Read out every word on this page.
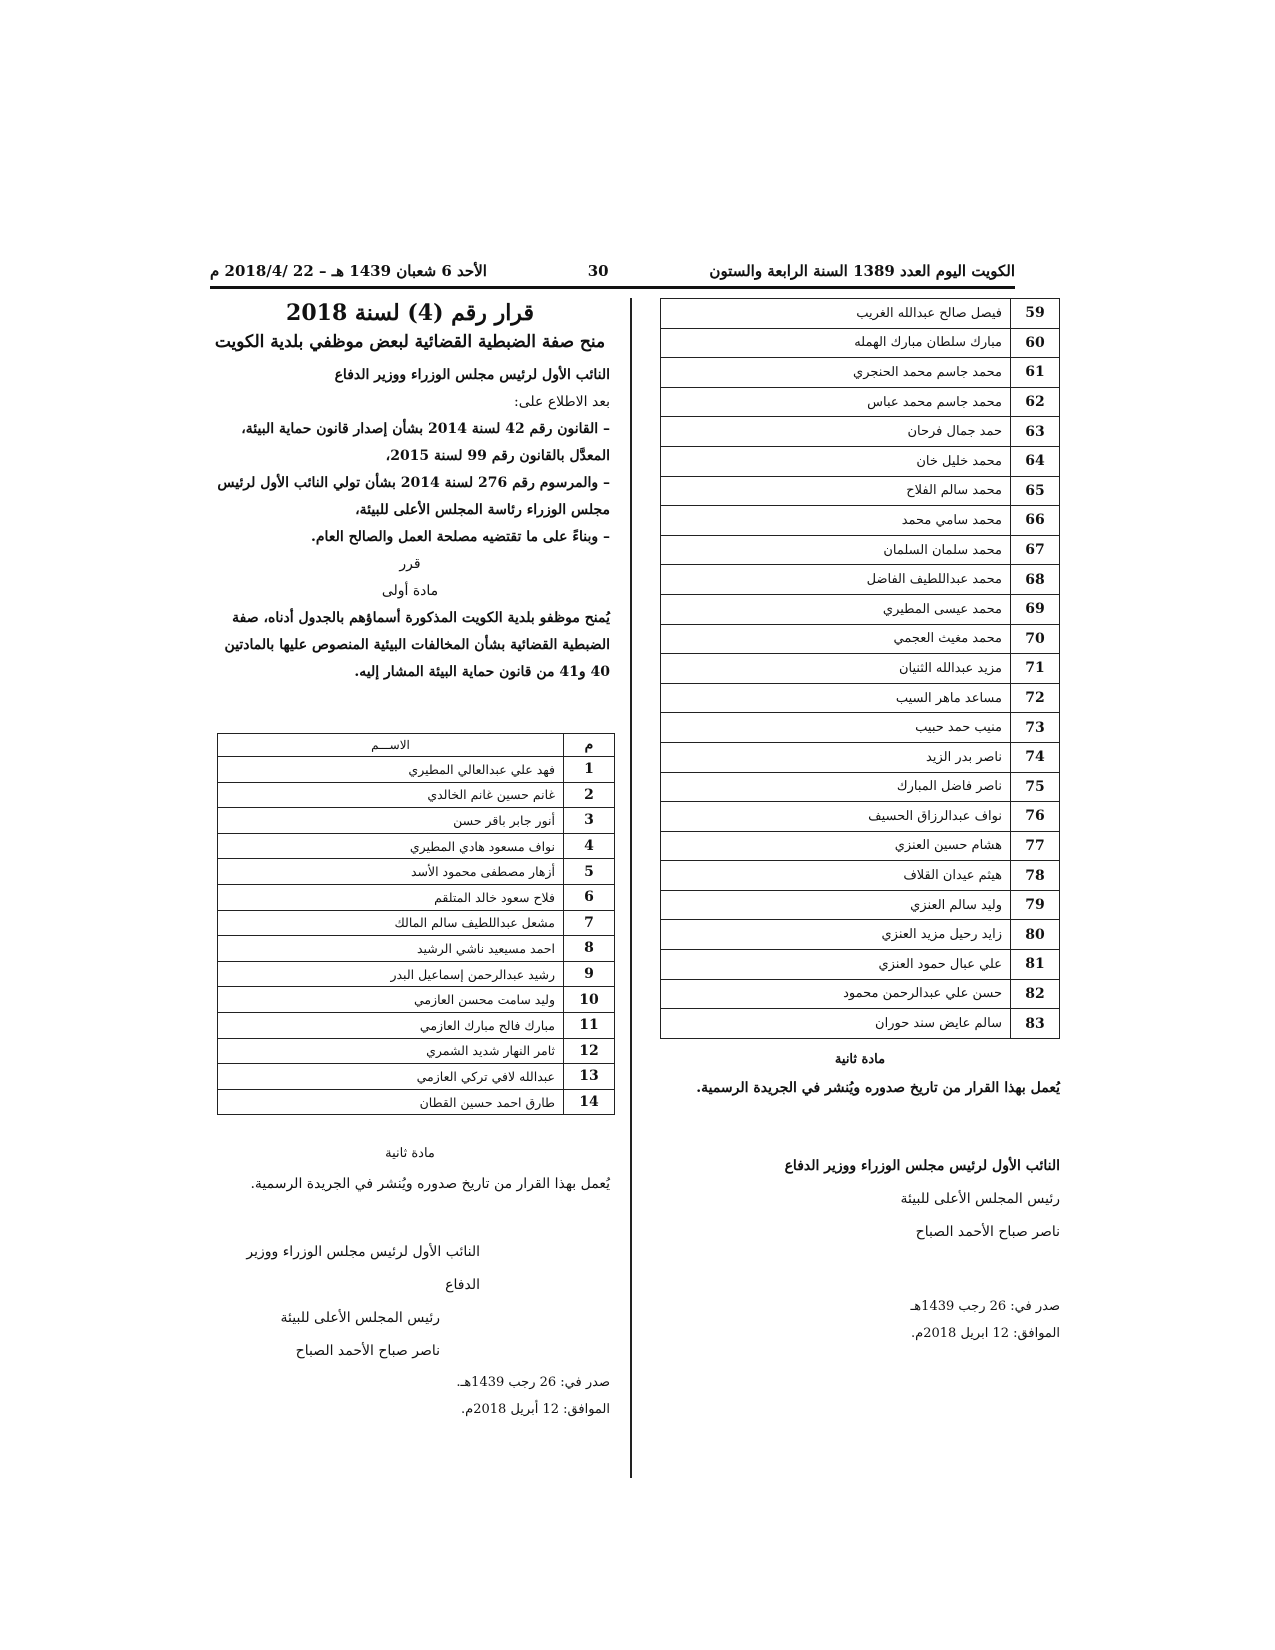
الكويت اليوم العدد 1389 السنة الرابعة والستون
30
الأحد 6 شعبان 1439 هـ – 22 /2018/4 م
59	فيصل صالح عبدالله الغريب
60	مبارك سلطان مبارك الهمله
61	محمد جاسم محمد الحنجري
62	محمد جاسم محمد عباس
63	حمد جمال فرحان
64	محمد خليل خان
65	محمد سالم الفلاح
66	محمد سامي محمد
67	محمد سلمان السلمان
68	محمد عبداللطيف الفاضل
69	محمد عيسى المطيري
70	محمد مغيث العجمي
71	مزيد عبدالله الثنيان
72	مساعد ماهر السيب
73	منيب حمد حبيب
74	ناصر بدر الزيد
75	ناصر فاضل المبارك
76	نواف عبدالرزاق الحسيف
77	هشام حسين العنزي
78	هيثم عيدان القلاف
79	وليد سالم العنزي
80	زايد رحيل مزيد العنزي
81	علي عبال حمود العنزي
82	حسن علي عبدالرحمن محمود
83	سالم عايض سند حوران

مادة ثانية

يُعمل بهذا القرار من تاريخ صدوره ويُنشر في الجريدة الرسمية.

النائب الأول لرئيس مجلس الوزراء ووزير الدفاع

رئيس المجلس الأعلى للبيئة

ناصر صباح الأحمد الصباح

صدر في: 26 رجب 1439هـ

الموافق: 12 ابريل 2018م.

قرار رقم (4) لسنة 2018

منح صفة الضبطية القضائية لبعض موظفي بلدية الكويت

النائب الأول لرئيس مجلس الوزراء ووزير الدفاع

بعد الاطلاع على:

– القانون رقم 42 لسنة 2014 بشأن إصدار قانون حماية البيئة، المعدَّل بالقانون رقم 99 لسنة 2015،

– والمرسوم رقم 276 لسنة 2014 بشأن تولي النائب الأول لرئيس مجلس الوزراء رئاسة المجلس الأعلى للبيئة،

– وبناءً على ما تقتضيه مصلحة العمل والصالح العام.

قرر

مادة أولى

يُمنح موظفو بلدية الكويت المذكورة أسماؤهم بالجدول أدناه، صفة الضبطية القضائية بشأن المخالفات البيئية المنصوص عليها بالمادتين 40 و41 من قانون حماية البيئة المشار إليه.

م	الاســـم
1	فهد علي عبدالعالي المطيري
2	غانم حسين غانم الخالدي
3	أنور جابر باقر حسن
4	نواف مسعود هادي المطيري
5	أزهار مصطفى محمود الأسد
6	فلاح سعود خالد المتلقم
7	مشعل عبداللطيف سالم المالك
8	احمد مسيعيد ناشي الرشيد
9	رشيد عبدالرحمن إسماعيل البدر
10	وليد سامت محسن العازمي
11	مبارك فالح مبارك العازمي
12	ثامر النهار شديد الشمري
13	عبدالله لافي تركي العازمي
14	طارق احمد حسين القطان

مادة ثانية

يُعمل بهذا القرار من تاريخ صدوره ويُنشر في الجريدة الرسمية.

النائب الأول لرئيس مجلس الوزراء ووزير الدفاع

رئيس المجلس الأعلى للبيئة

ناصر صباح الأحمد الصباح

صدر في: 26 رجب 1439هـ.

الموافق: 12 أبريل 2018م.
